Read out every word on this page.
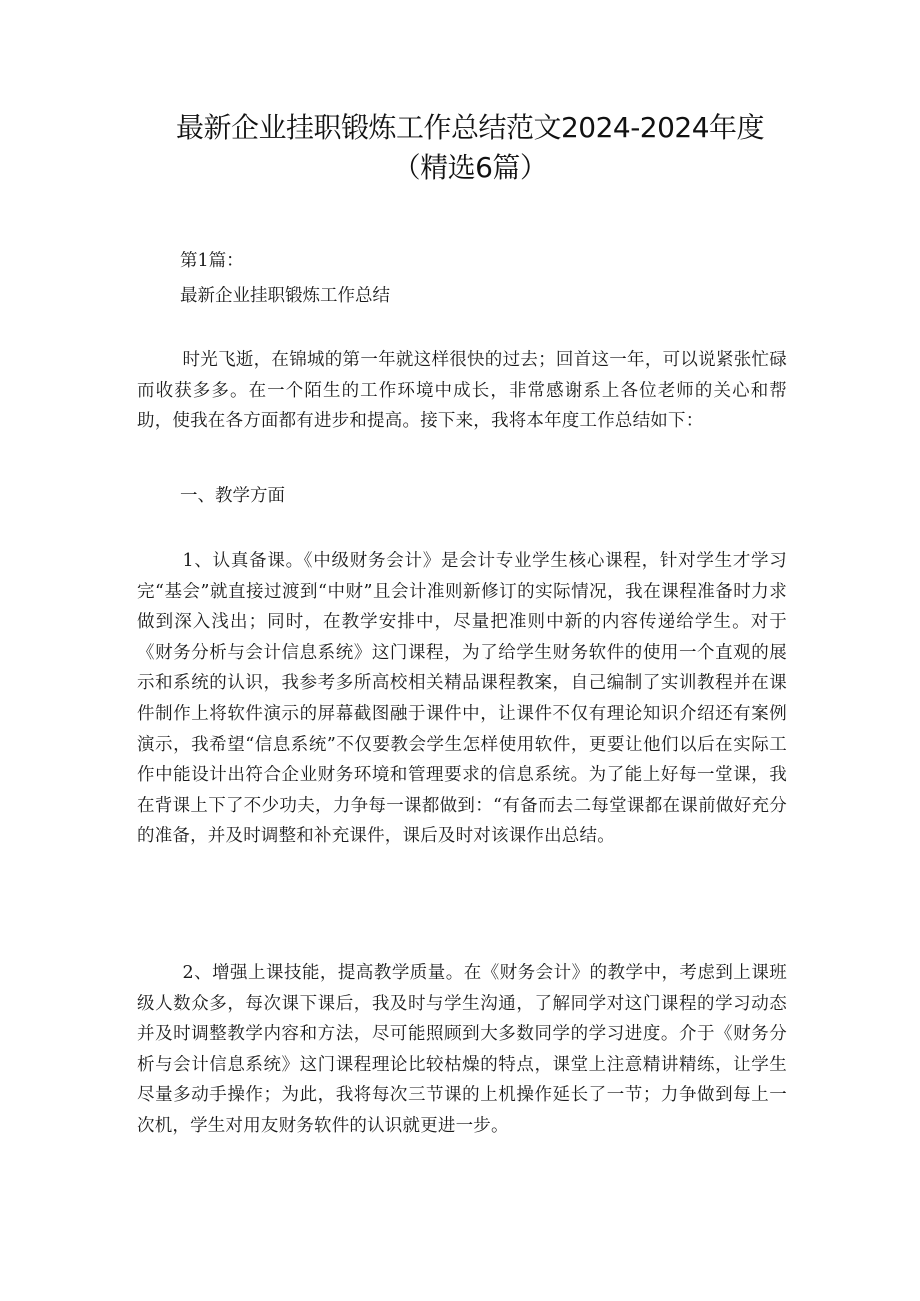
最新企业挂职锻炼工作总结范文2024-2024年度（精选6篇）
第1篇：
最新企业挂职锻炼工作总结

时光飞逝，在锦城的第一年就这样很快的过去；回首这一年，可以说紧张忙碌而收获多多。在一个陌生的工作环境中成长，非常感谢系上各位老师的关心和帮助，使我在各方面都有进步和提高。接下来，我将本年度工作总结如下：

一、教学方面

1、认真备课。《中级财务会计》是会计专业学生核心课程，针对学生才学习完“基会”就直接过渡到“中财”且会计准则新修订的实际情况，我在课程准备时力求做到深入浅出；同时，在教学安排中，尽量把准则中新的内容传递给学生。对于《财务分析与会计信息系统》这门课程，为了给学生财务软件的使用一个直观的展示和系统的认识，我参考多所高校相关精品课程教案，自己编制了实训教程并在课件制作上将软件演示的屏幕截图融于课件中，让课件不仅有理论知识介绍还有案例演示，我希望“信息系统”不仅要教会学生怎样使用软件，更要让他们以后在实际工作中能设计出符合企业财务环境和管理要求的信息系统。为了能上好每一堂课，我在背课上下了不少功夫，力争每一课都做到：“有备而去二每堂课都在课前做好充分的准备，并及时调整和补充课件，课后及时对该课作出总结。

2、增强上课技能，提高教学质量。在《财务会计》的教学中，考虑到上课班级人数众多，每次课下课后，我及时与学生沟通，了解同学对这门课程的学习动态并及时调整教学内容和方法，尽可能照顾到大多数同学的学习进度。介于《财务分析与会计信息系统》这门课程理论比较枯燥的特点，课堂上注意精讲精练，让学生尽量多动手操作；为此，我将每次三节课的上机操作延长了一节；力争做到每上一次机，学生对用友财务软件的认识就更进一步。
